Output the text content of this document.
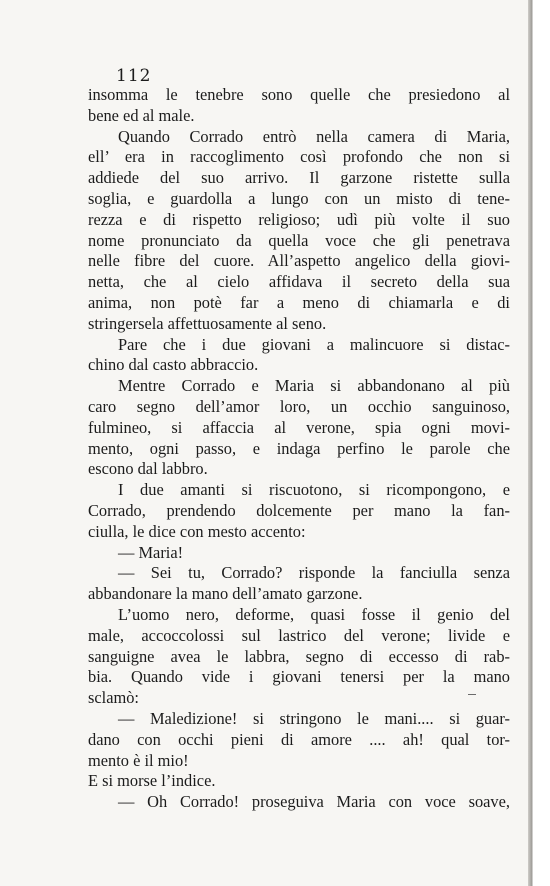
112
insomma le tenebre sono quelle che presiedono al
bene ed al male.
Quando Corrado entrò nella camera di Maria,
ell’ era in raccoglimento così profondo che non si
addiede del suo arrivo. Il garzone ristette sulla
soglia, e guardolla a lungo con un misto di tene-
rezza e di rispetto religioso; udì più volte il suo
nome pronunciato da quella voce che gli penetrava
nelle fibre del cuore. All’aspetto angelico della giovi-
netta, che al cielo affidava il secreto della sua
anima, non potè far a meno di chiamarla e di
stringersela affettuosamente al seno.
Pare che i due giovani a malincuore si distac-
chino dal casto abbraccio.
Mentre Corrado e Maria si abbandonano al più
caro segno dell’amor loro, un occhio sanguinoso,
fulmineo, si affaccia al verone, spia ogni movi-
mento, ogni passo, e indaga perfino le parole che
escono dal labbro.
I due amanti si riscuotono, si ricompongono, e
Corrado, prendendo dolcemente per mano la fan-
ciulla, le dice con mesto accento:
— Maria!
— Sei tu, Corrado? risponde la fanciulla senza
abbandonare la mano dell’amato garzone.
L’uomo nero, deforme, quasi fosse il genio del
male, accoccolossi sul lastrico del verone; livide e
sanguigne avea le labbra, segno di eccesso di rab-
bia. Quando vide i giovani tenersi per la mano
sclamò:
— Maledizione! si stringono le mani.... si guar-
dano con occhi pieni di amore .... ah! qual tor-
mento è il mio!
E si morse l’indice.
— Oh Corrado! proseguiva Maria con voce soave,
